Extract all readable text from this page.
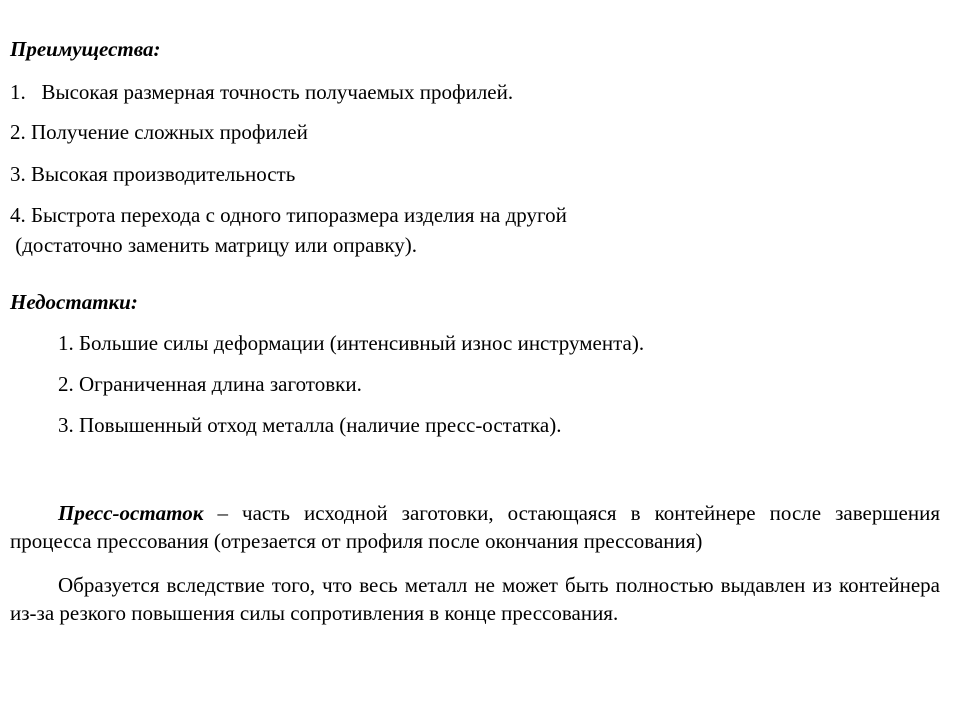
Преимущества:
1.   Высокая размерная точность получаемых профилей.
2. Получение сложных профилей
3. Высокая производительность
4. Быстрота перехода с одного типоразмера изделия на другой
(достаточно заменить матрицу или оправку).
Недостатки:
1. Большие силы деформации (интенсивный износ инструмента).
2. Ограниченная длина заготовки.
3. Повышенный отход металла (наличие пресс-остатка).
Пресс-остаток – часть исходной заготовки, остающаяся в контейнере после завершения процесса прессования (отрезается от профиля после окончания прессования)
Образуется вследствие того, что весь металл не может быть полностью выдавлен из контейнера из-за резкого повышения силы сопротивления в конце прессования.
